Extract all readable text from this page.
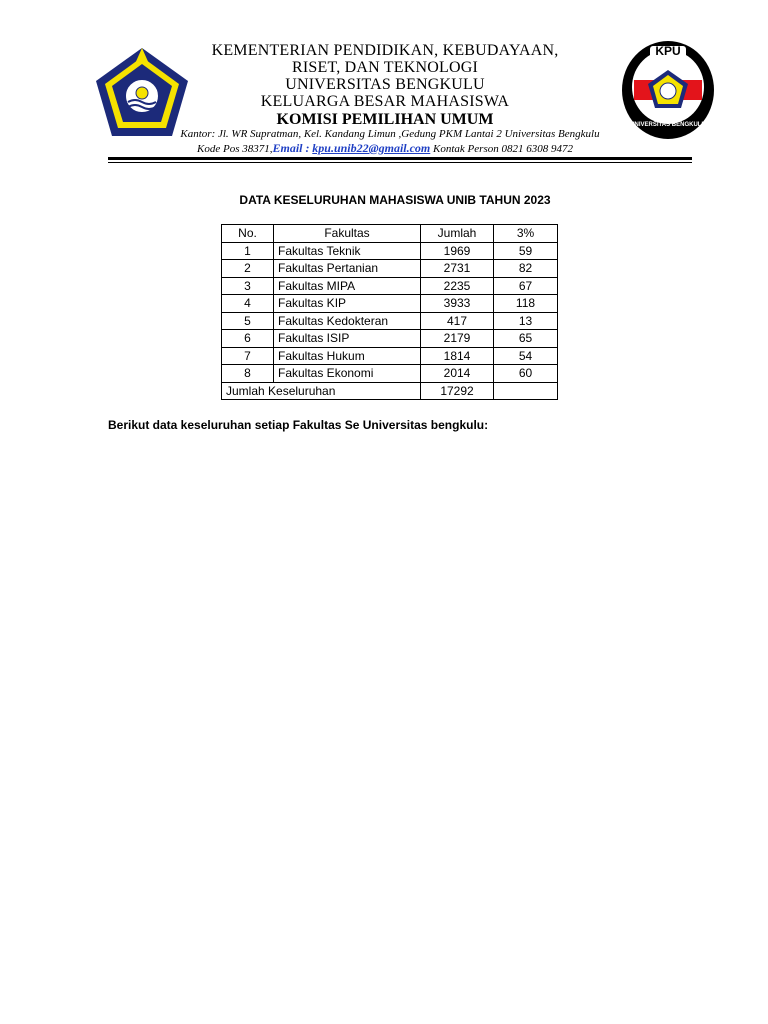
KPU
UNIVERSITAS BENGKULU
KEMENTERIAN PENDIDIKAN, KEBUDAYAAN,
RISET, DAN TEKNOLOGI
UNIVERSITAS BENGKULU
KELUARGA BESAR MAHASISWA
KOMISI PEMILIHAN UMUM
Kantor: Jl. WR Supratman, Kel. Kandang Limun ,Gedung PKM Lantai 2 Universitas Bengkulu
Kode Pos 38371,Email : kpu.unib22@gmail.com Kontak Person 0821 6308 9472
DATA KESELURUHAN MAHASISWA UNIB TAHUN 2023
No.	Fakultas	Jumlah	3%
1	Fakultas Teknik	1969	59
2	Fakultas Pertanian	2731	82
3	Fakultas MIPA	2235	67
4	Fakultas KIP	3933	118
5	Fakultas Kedokteran	417	13
6	Fakultas ISIP	2179	65
7	Fakultas Hukum	1814	54
8	Fakultas Ekonomi	2014	60
Jumlah Keseluruhan		17292	
Berikut data keseluruhan setiap Fakultas Se Universitas bengkulu:
